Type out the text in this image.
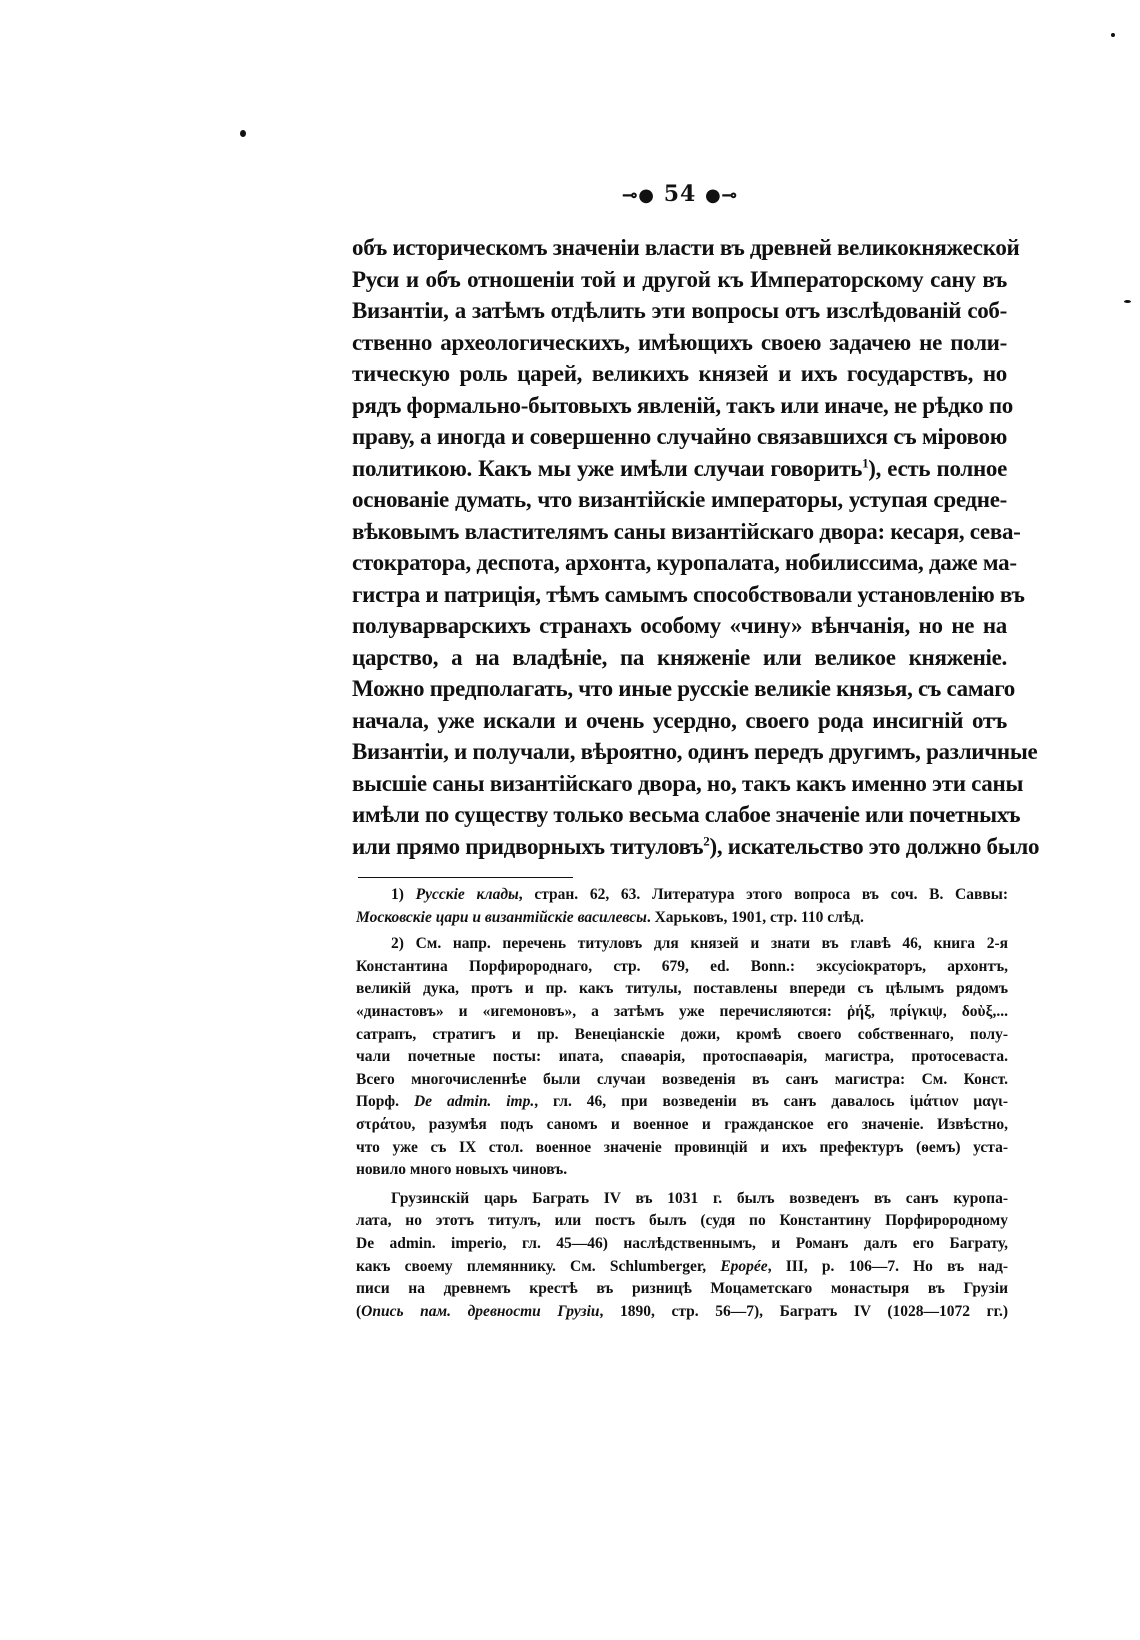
⊸● 54 ●⊸
объ историческомъ значеніи власти въ древней великокняжеской
Руси и объ отношеніи той и другой къ Императорскому сану въ
Византіи, а затѣмъ отдѣлить эти вопросы отъ изслѣдованій соб-
ственно археологическихъ, имѣющихъ своею задачею не поли-
тическую роль царей, великихъ князей и ихъ государствъ, но
рядъ формально-бытовыхъ явленій, такъ или иначе, не рѣдко по
праву, а иногда и совершенно случайно связавшихся съ міровою
политикою. Какъ мы уже имѣли случаи говорить$^1$), есть полное
основаніе думать, что византійскіе императоры, уступая средне-
вѣковымъ властителямъ саны византійскаго двора: кесаря, сева-
стократора, деспота, архонта, куропалата, нобилиссима, даже ма-
гистра и патриція, тѣмъ самымъ способствовали установленію въ
полуварварскихъ странахъ особому «чину» вѣнчанія, но не на
царство, а на владѣніе, па княженіе или великое княженіе.
Можно предполагать, что иные русскіе великіе князья, съ самаго
начала, уже искали и очень усердно, своего рода инсигній отъ
Византіи, и получали, вѣроятно, одинъ передъ другимъ, различные
высшіе саны византійскаго двора, но, такъ какъ именно эти саны
имѣли по существу только весьма слабое значеніе или почетныхъ
или прямо придворныхъ титуловъ$^2$), искательство это должно было

1) Русскіе клады, стран. 62, 63. Литература этого вопроса въ соч. В. Саввы:
Московскіе цари и византійскіе василевсы. Харьковъ, 1901, стр. 110 слѣд.

2) См. напр. перечень титуловъ для князей и знати въ главѣ 46, книга 2-я
Константина Порфиророднаго, стр. 679, ed. Bonn.: эксусіократоръ, архонтъ,
великій дука, протъ и пр. какъ титулы, поставлены впереди съ цѣлымъ рядомъ
«династовъ» и «игемоновъ», а затѣмъ уже перечисляются: ῥήξ, πρίγκιψ, δοὺξ,...
сатрапъ, стратигъ и пр. Венеціанскіе дожи, кромѣ своего собственнаго, полу-
чали почетные посты: ипата, спаѳарія, протоспаѳарія, магистра, протосеваста.
Всего многочисленнѣе были случаи возведенія въ санъ магистра: См. Конст.
Порф. De admin. imp., гл. 46, при возведеніи въ санъ давалось ἱμάτιον μαγι-
στράτου, разумѣя подъ саномъ и военное и гражданское его значеніе. Извѣстно,
что уже съ IX стол. военное значеніе провинцій и ихъ префектуръ (ѳемъ) уста-
новило много новыхъ чиновъ.

Грузинскій царь Баграть IV въ 1031 г. былъ возведенъ въ санъ куропа-
лата, но этотъ титулъ, или постъ былъ (судя по Константину Порфирородному
De admin. imperio, гл. 45—46) наслѣдственнымъ, и Романъ далъ его Баграту,
какъ своему племяннику. См. Schlumberger, Epopée, III, p. 106—7. Но въ над-
писи на древнемъ крестѣ въ ризницѣ Моцаметскаго монастыря въ Грузіи
(Опись пам. древности Грузіи, 1890, стр. 56—7), Багратъ IV (1028—1072 гг.)
